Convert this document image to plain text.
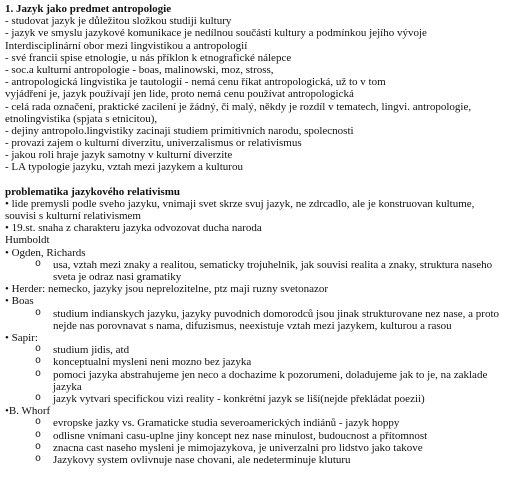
1. Jazyk jako predmet antropologie
- studovat jazyk je důležitou složkou studiji kultury
- jazyk ve smyslu jazykové komunikace je nedílnou součásti kultury a podmínkou jejího vývoje
Interdisciplinární obor mezi lingvistikou a antropologií
- své francii spise etnologie, u nás příklon k etnografické nálepce
- soc.a kulturní antropologie - boas, malinowski, moz, stross,
- antropologická lingvistika je tautologií - nemá cenu říkat antropologická, už to v tom
vyjádření je, jazyk používají jen lide, proto nemá cenu používat antropologická
- celá rada označení, praktické zacilení je žádný, či malý, někdy je rozdíl v tematech, lingvi. antropologie, etnolingvistika (spjata s etnicitou),
- dejiny antropolo.lingvistiky zacinaji studiem primitivních narodu, spolecnosti
- provazi zajem o kulturní diverzitu, univerzalismus or relativismus
- jakou roli hraje jazyk samotny v kulturní diverzite
- LA typologie jazyku, vztah mezi jazykem a kulturou
problematika jazykového relativismu
• lide premysli podle sveho jazyku, vnimaji svet skrze svuj jazyk, ne zdrcadlo, ale je konstruovan kultume, souvisi s kulturní relativismem
• 19.st. snaha z charakteru jazyka odvozovat ducha naroda
Humboldt
• Ogden, Richards
o usa, vztah mezi znaky a realitou, sematicky trojuhelnik, jak souvisi realita a znaky, struktura naseho sveta je odraz nasi gramatiky
• Herder: nemecko, jazyky jsou neprelozitelne, ptz maji ruzny svetonazor
• Boas
o studium indianskych jazyku, jazyky puvodnich domorodců jsou jinak strukturovane nez nase, a proto nejde nas porovnavat s nama, difuzismus, neexistuje vztah mezi jazykem, kulturou a rasou
• Sapir:
o studium jidis, atd
o konceptualni mysleni neni mozno bez jazyka
o pomoci jazyka abstrahujeme jen neco a dochazime k pozorumeni, doladujeme jak to je, na zaklade jazyka
o jazyk vytvari specifickou vizi reality - konkrétní jazyk se liší(nejde překládat poezii)
•B. Whorf
o evropske jazky vs. Gramaticke studia severoamerických indiánů - jazyk hoppy
o odlisne vnímani casu-uplne jiny koncept nez nase minulost, budoucnost a přítomnost
o znacna cast naseho mysleni je mimojazykova, je univerzalni pro lidstvo jako takove
o Jazykovy system ovlivnuje nase chovani, ale nedeterminuje kluturu
